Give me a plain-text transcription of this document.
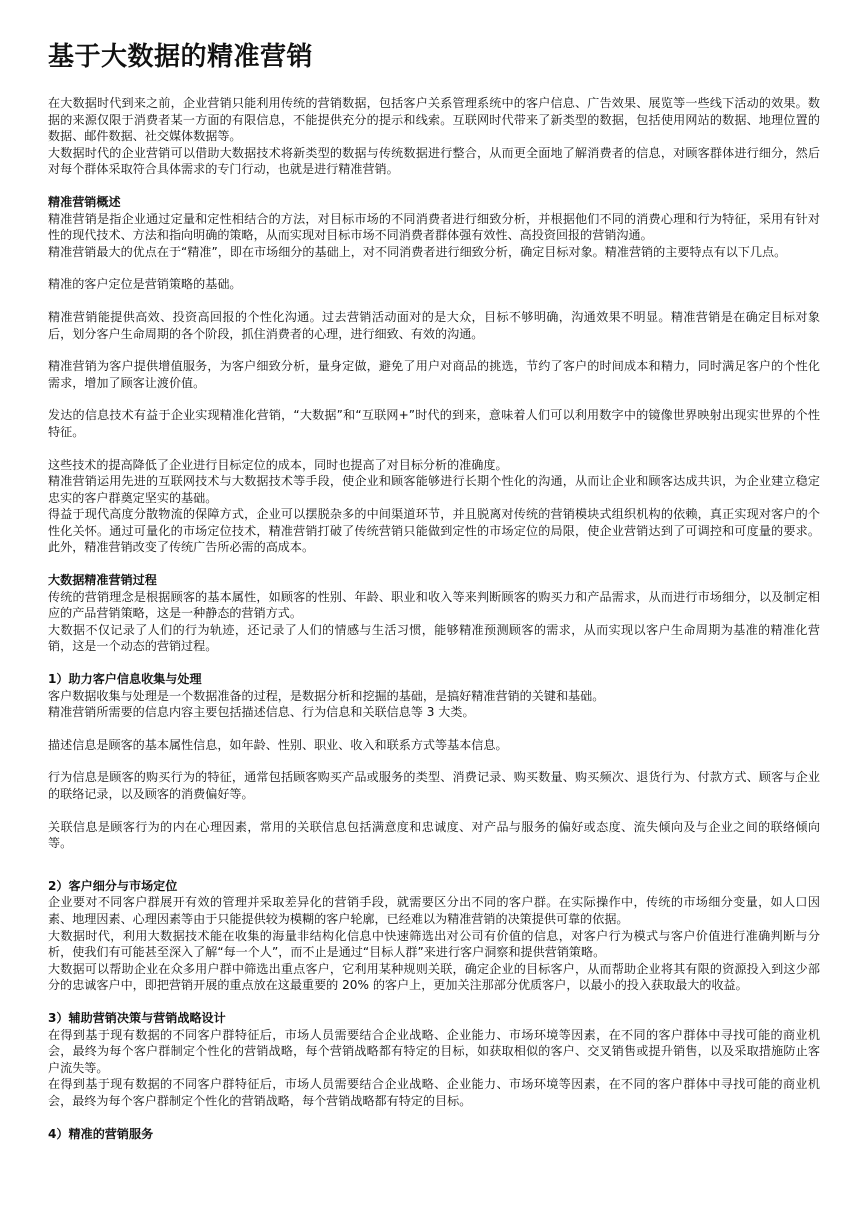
基于大数据的精准营销

在大数据时代到来之前，企业营销只能利用传统的营销数据，包括客户关系管理系统中的客户信息、广告效果、展览等一些线下活动的效果。数据的来源仅限于消费者某一方面的有限信息，不能提供充分的提示和线索。互联网时代带来了新类型的数据，包括使用网站的数据、地理位置的数据、邮件数据、社交媒体数据等。

大数据时代的企业营销可以借助大数据技术将新类型的数据与传统数据进行整合，从而更全面地了解消费者的信息，对顾客群体进行细分，然后对每个群体采取符合具体需求的专门行动，也就是进行精准营销。

精准营销概述

精准营销是指企业通过定量和定性相结合的方法，对目标市场的不同消费者进行细致分析，并根据他们不同的消费心理和行为特征，采用有针对性的现代技术、方法和指向明确的策略，从而实现对目标市场不同消费者群体强有效性、高投资回报的营销沟通。

精准营销最大的优点在于“精准”，即在市场细分的基础上，对不同消费者进行细致分析，确定目标对象。精准营销的主要特点有以下几点。

精准的客户定位是营销策略的基础。

精准营销能提供高效、投资高回报的个性化沟通。过去营销活动面对的是大众，目标不够明确，沟通效果不明显。精准营销是在确定目标对象后，划分客户生命周期的各个阶段，抓住消费者的心理，进行细致、有效的沟通。

精准营销为客户提供增值服务，为客户细致分析，量身定做，避免了用户对商品的挑选，节约了客户的时间成本和精力，同时满足客户的个性化需求，增加了顾客让渡价值。

发达的信息技术有益于企业实现精准化营销，“大数据”和“互联网+”时代的到来，意味着人们可以利用数字中的镜像世界映射出现实世界的个性特征。

这些技术的提高降低了企业进行目标定位的成本，同时也提高了对目标分析的准确度。

精准营销运用先进的互联网技术与大数据技术等手段，使企业和顾客能够进行长期个性化的沟通，从而让企业和顾客达成共识，为企业建立稳定忠实的客户群奠定坚实的基础。

得益于现代高度分散物流的保障方式，企业可以摆脱杂多的中间渠道环节，并且脱离对传统的营销模块式组织机构的依赖，真正实现对客户的个性化关怀。通过可量化的市场定位技术，精准营销打破了传统营销只能做到定性的市场定位的局限，使企业营销达到了可调控和可度量的要求。此外，精准营销改变了传统广告所必需的高成本。

大数据精准营销过程

传统的营销理念是根据顾客的基本属性，如顾客的性别、年龄、职业和收入等来判断顾客的购买力和产品需求，从而进行市场细分，以及制定相应的产品营销策略，这是一种静态的营销方式。

大数据不仅记录了人们的行为轨迹，还记录了人们的情感与生活习惯，能够精准预测顾客的需求，从而实现以客户生命周期为基准的精准化营销，这是一个动态的营销过程。

1）助力客户信息收集与处理

客户数据收集与处理是一个数据准备的过程，是数据分析和挖掘的基础，是搞好精准营销的关键和基础。

精准营销所需要的信息内容主要包括描述信息、行为信息和关联信息等 3 大类。

描述信息是顾客的基本属性信息，如年龄、性别、职业、收入和联系方式等基本信息。

行为信息是顾客的购买行为的特征，通常包括顾客购买产品或服务的类型、消费记录、购买数量、购买频次、退货行为、付款方式、顾客与企业的联络记录，以及顾客的消费偏好等。

关联信息是顾客行为的内在心理因素，常用的关联信息包括满意度和忠诚度、对产品与服务的偏好或态度、流失倾向及与企业之间的联络倾向等。

2）客户细分与市场定位

企业要对不同客户群展开有效的管理并采取差异化的营销手段，就需要区分出不同的客户群。在实际操作中，传统的市场细分变量，如人口因素、地理因素、心理因素等由于只能提供较为模糊的客户轮廓，已经难以为精准营销的决策提供可靠的依据。

大数据时代，利用大数据技术能在收集的海量非结构化信息中快速筛选出对公司有价值的信息，对客户行为模式与客户价值进行准确判断与分析，使我们有可能甚至深入了解“每一个人”，而不止是通过“目标人群”来进行客户洞察和提供营销策略。

大数据可以帮助企业在众多用户群中筛选出重点客户，它利用某种规则关联，确定企业的目标客户，从而帮助企业将其有限的资源投入到这少部分的忠诚客户中，即把营销开展的重点放在这最重要的 20% 的客户上，更加关注那部分优质客户，以最小的投入获取最大的收益。

3）辅助营销决策与营销战略设计

在得到基于现有数据的不同客户群特征后，市场人员需要结合企业战略、企业能力、市场环境等因素，在不同的客户群体中寻找可能的商业机会，最终为每个客户群制定个性化的营销战略，每个营销战略都有特定的目标，如获取相似的客户、交叉销售或提升销售，以及采取措施防止客户流失等。

在得到基于现有数据的不同客户群特征后，市场人员需要结合企业战略、企业能力、市场环境等因素，在不同的客户群体中寻找可能的商业机会，最终为每个客户群制定个性化的营销战略，每个营销战略都有特定的目标。

4）精准的营销服务
